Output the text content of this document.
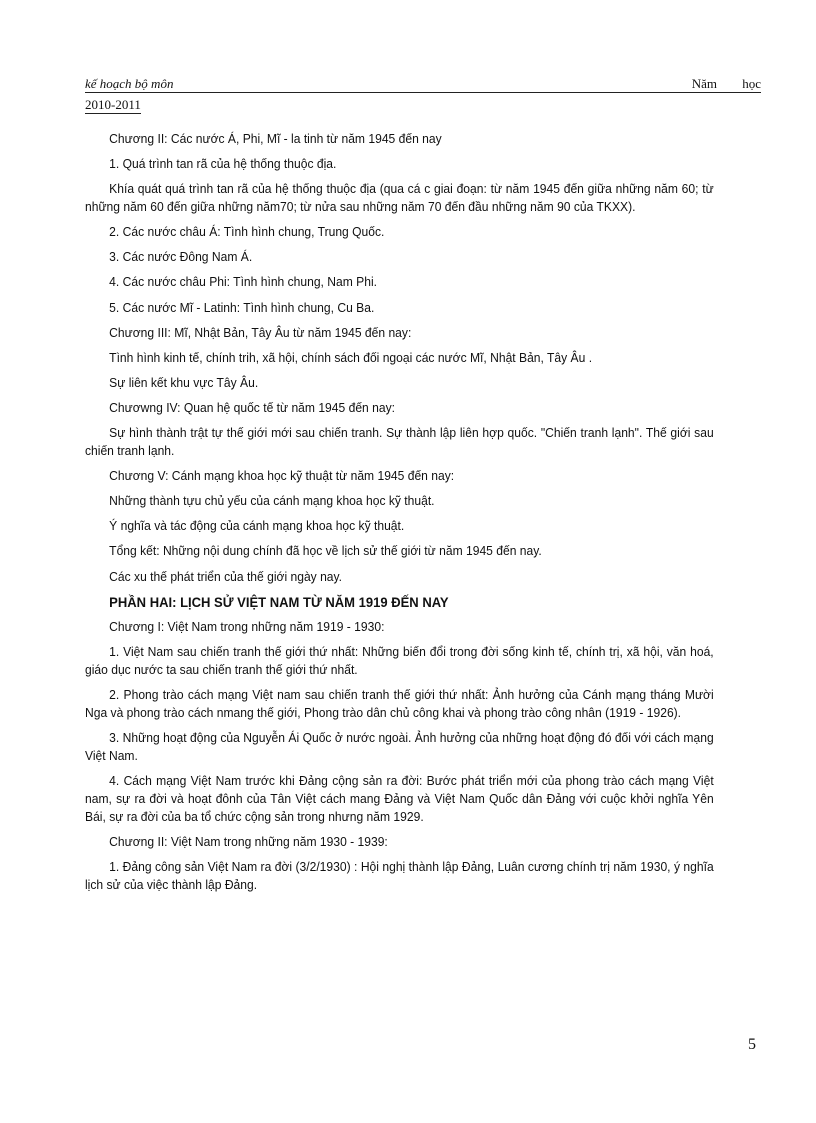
kế hoạch bộ môn	Năm học
2010-2011

Chương II: Các nước Á, Phi, Mĩ - la tinh từ năm 1945 đến nay

1. Quá trình tan rã của hệ thống thuộc địa.

Khía quát quá trình tan rã của hệ thống thuộc địa (qua cá c giai đoạn: từ năm 1945 đến giữa những năm 60; từ những năm 60 đến giữa những năm70; từ nửa sau những năm 70 đến đầu những năm 90 của TKXX).

2. Các nước châu Á: Tình hình chung, Trung Quốc.

3. Các nước Đông Nam Á.

4. Các nước châu Phi: Tình hình chung, Nam Phi.

5. Các nước Mĩ - Latinh: Tình hình chung, Cu Ba.

Chương III: Mĩ, Nhật Bản, Tây Âu từ năm 1945 đến nay:

Tình hình kinh tế, chính trih, xã hội, chính sách đối ngoại các nước Mĩ, Nhật Bản, Tây Âu .

Sự liên kết khu vực Tây Âu.

Chươwng IV: Quan hệ quốc tế từ năm 1945 đến nay:

Sự hình thành trật tự thế giới mới sau chiến tranh. Sự thành lập liên hợp quốc. "Chiến tranh lạnh". Thế giới sau chiến tranh lạnh.

Chương V: Cánh mạng khoa học kỹ thuật từ năm 1945 đến nay:

Những thành tựu chủ yếu của cánh mạng khoa học kỹ thuật.

Ý nghĩa và tác động của cánh mạng khoa học kỹ thuật.

Tổng kết: Những nội dung chính đã học về lịch sử thế giới từ năm 1945 đến nay.

Các xu thế phát triển của thế giới ngày nay.

PHẦN HAI: LỊCH SỬ VIỆT NAM TỪ NĂM 1919 ĐẾN NAY

Chương I: Việt Nam trong những năm 1919 - 1930:

1. Việt Nam sau chiến tranh thế giới thứ nhất: Những biến đổi trong đời sống kinh tế, chính trị, xã hội, văn hoá, giáo dục nước ta sau chiến tranh thế giới thứ nhất.

2. Phong trào cách mạng Việt nam sau chiến tranh thế giới thứ nhất: Ảnh hưởng của Cánh mạng tháng Mười Nga và phong trào cách nmang thế giới, Phong trào dân chủ công khai và phong trào công nhân (1919 - 1926).

3. Những hoạt động của Nguyễn Ái Quốc ở nước ngoài. Ảnh hưởng của những hoạt động đó đối với cách mạng Việt Nam.

4. Cách mạng Việt Nam trước khi Đảng cộng sản ra đời: Bước phát triển mới của phong trào cách mạng Việt nam, sự ra đời và hoạt đônh của Tân Việt cách mang Đảng và Việt Nam Quốc dân Đảng với cuộc khởi nghĩa Yên Bái, sự ra đời của ba tổ chức cộng sản trong nhưng năm 1929.

Chương II: Việt Nam trong những năm 1930 - 1939:

1. Đảng công sản Việt Nam ra đời (3/2/1930) : Hội nghị thành lập Đảng, Luân cương chính trị năm 1930, ý nghĩa lịch sử của việc thành lập Đảng.

5
